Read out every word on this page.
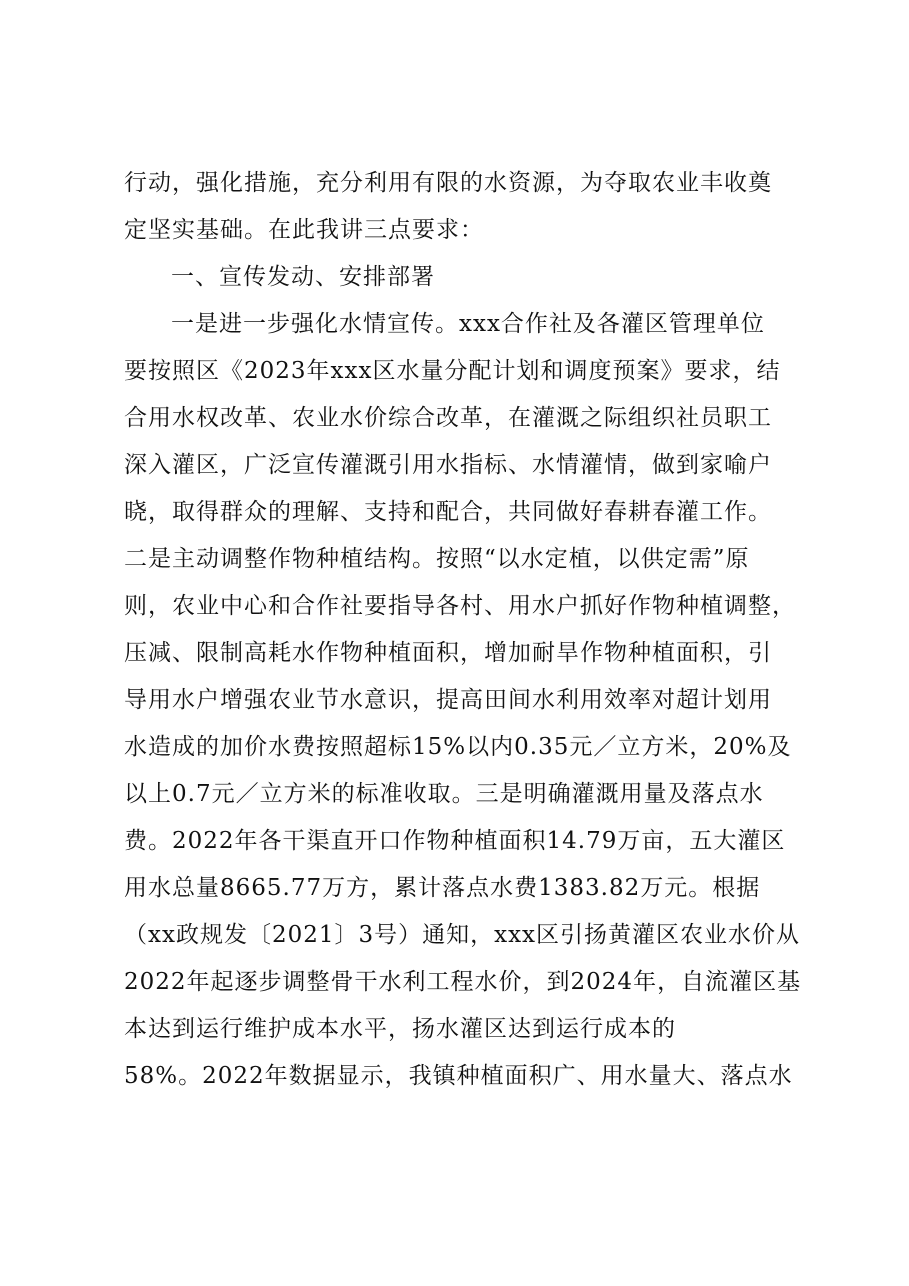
行动，强化措施，充分利用有限的水资源，为夺取农业丰收奠
定坚实基础。在此我讲三点要求：
一、宣传发动、安排部署
一是进一步强化水情宣传。xxx合作社及各灌区管理单位
要按照区《2023年xxx区水量分配计划和调度预案》要求，结
合用水权改革、农业水价综合改革，在灌溉之际组织社员职工
深入灌区，广泛宣传灌溉引用水指标、水情灌情，做到家喻户
晓，取得群众的理解、支持和配合，共同做好春耕春灌工作。
二是主动调整作物种植结构。按照“以水定植，以供定需”原
则，农业中心和合作社要指导各村、用水户抓好作物种植调整，
压减、限制高耗水作物种植面积，增加耐旱作物种植面积，引
导用水户增强农业节水意识，提高田间水利用效率对超计划用
水造成的加价水费按照超标15%以内0.35元／立方米，20%及
以上0.7元／立方米的标准收取。三是明确灌溉用量及落点水
费。2022年各干渠直开口作物种植面积14.79万亩，五大灌区
用水总量8665.77万方，累计落点水费1383.82万元。根据
（xx政规发〔2021〕3号）通知，xxx区引扬黄灌区农业水价从
2022年起逐步调整骨干水利工程水价，到2024年，自流灌区基
本达到运行维护成本水平，扬水灌区达到运行成本的
58%。2022年数据显示，我镇种植面积广、用水量大、落点水
